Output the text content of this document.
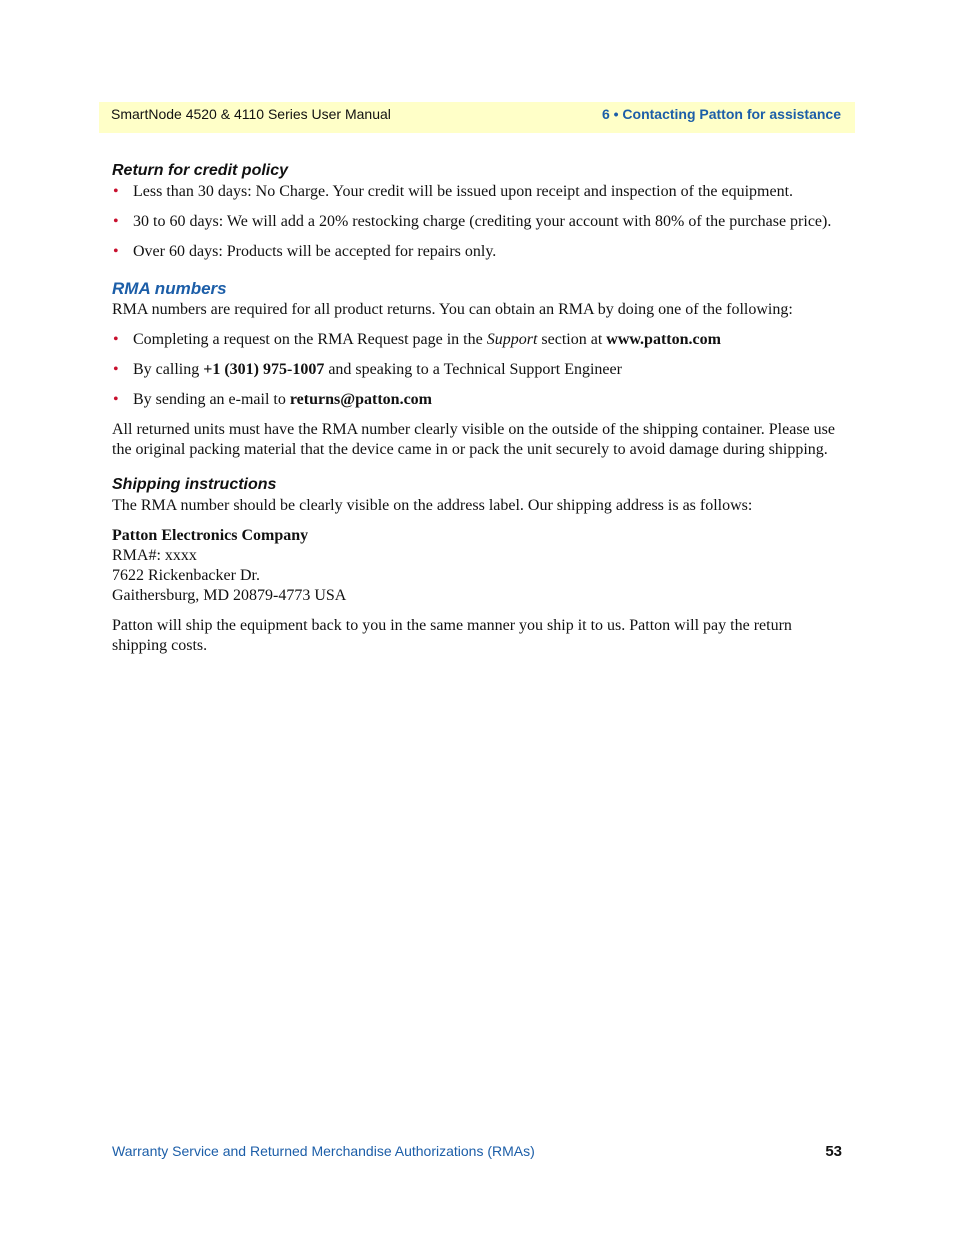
SmartNode 4520 & 4110 Series User Manual	6 • Contacting Patton for assistance
Return for credit policy
• Less than 30 days: No Charge. Your credit will be issued upon receipt and inspection of the equipment.
• 30 to 60 days: We will add a 20% restocking charge (crediting your account with 80% of the purchase price).
• Over 60 days: Products will be accepted for repairs only.
RMA numbers

RMA numbers are required for all product returns. You can obtain an RMA by doing one of the following:

• Completing a request on the RMA Request page in the Support section at www.patton.com
• By calling +1 (301) 975-1007 and speaking to a Technical Support Engineer
• By sending an e-mail to returns@patton.com

All returned units must have the RMA number clearly visible on the outside of the shipping container. Please use the original packing material that the device came in or pack the unit securely to avoid damage during shipping.

Shipping instructions

The RMA number should be clearly visible on the address label. Our shipping address is as follows:

Patton Electronics Company
RMA#: xxxx
7622 Rickenbacker Dr.
Gaithersburg, MD 20879-4773 USA

Patton will ship the equipment back to you in the same manner you ship it to us. Patton will pay the return shipping costs.

Warranty Service and Returned Merchandise Authorizations (RMAs)	53
